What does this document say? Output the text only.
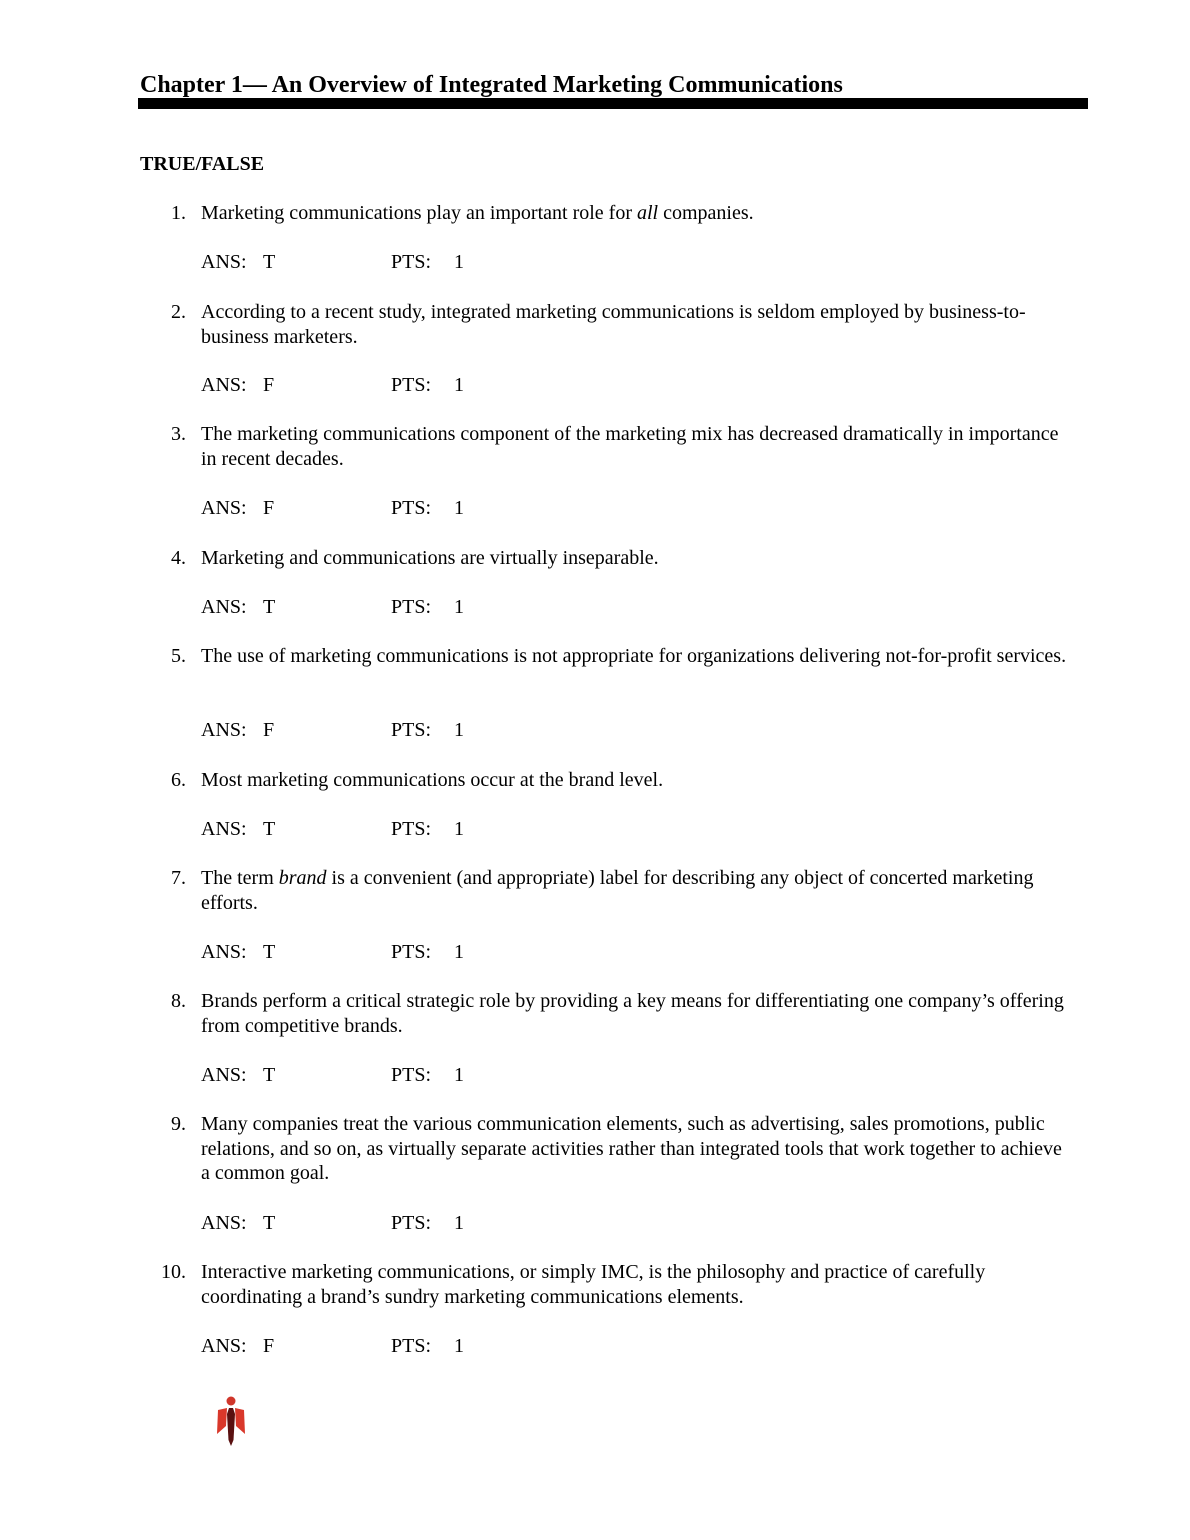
Chapter 1— An Overview of Integrated Marketing Communications
TRUE/FALSE
1. Marketing communications play an important role for all companies.
ANS: T	PTS: 1
2. According to a recent study, integrated marketing communications is seldom employed by business-to-business marketers.
ANS: F	PTS: 1
3. The marketing communications component of the marketing mix has decreased dramatically in importance in recent decades.
ANS: F	PTS: 1
4. Marketing and communications are virtually inseparable.
ANS: T	PTS: 1
5. The use of marketing communications is not appropriate for organizations delivering not-for-profit services.
ANS: F	PTS: 1
6. Most marketing communications occur at the brand level.
ANS: T	PTS: 1
7. The term brand is a convenient (and appropriate) label for describing any object of concerted marketing efforts.
ANS: T	PTS: 1
8. Brands perform a critical strategic role by providing a key means for differentiating one company’s offering from competitive brands.
ANS: T	PTS: 1
9. Many companies treat the various communication elements, such as advertising, sales promotions, public relations, and so on, as virtually separate activities rather than integrated tools that work together to achieve a common goal.
ANS: T	PTS: 1
10. Interactive marketing communications, or simply IMC, is the philosophy and practice of carefully coordinating a brand’s sundry marketing communications elements.
ANS: F	PTS: 1
